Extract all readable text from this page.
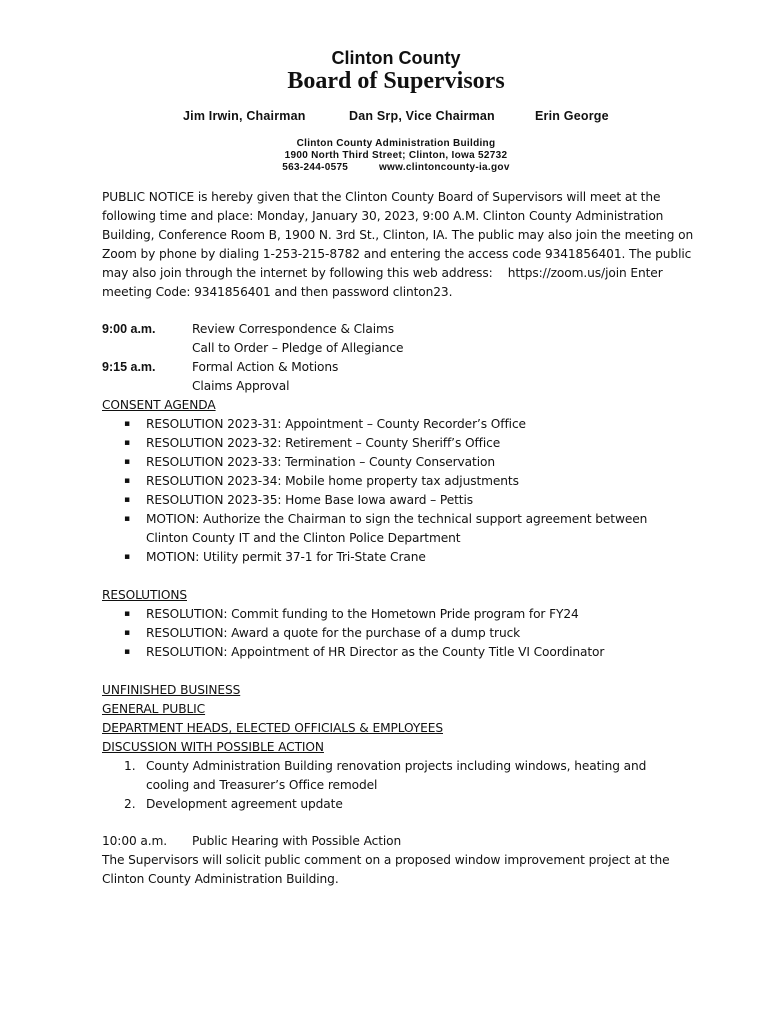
Clinton County
Board of Supervisors
Jim Irwin, Chairman	Dan Srp, Vice Chairman	Erin George
Clinton County Administration Building
1900 North Third Street; Clinton, Iowa 52732
563-244-0575          www.clintoncounty-ia.gov
PUBLIC NOTICE is hereby given that the Clinton County Board of Supervisors will meet at the
following time and place: Monday, January 30, 2023, 9:00 A.M. Clinton County Administration
Building, Conference Room B, 1900 N. 3rd St., Clinton, IA. The public may also join the meeting on
Zoom by phone by dialing 1-253-215-8782 and entering the access code 9341856401. The public
may also join through the internet by following this web address:    https://zoom.us/join Enter
meeting Code: 9341856401 and then password clinton23.
9:00 a.m.	Review Correspondence & Claims
Call to Order – Pledge of Allegiance
9:15 a.m.	Formal Action & Motions
Claims Approval
CONSENT AGENDA
▪ RESOLUTION 2023-31: Appointment – County Recorder’s Office
▪ RESOLUTION 2023-32: Retirement – County Sheriff’s Office
▪ RESOLUTION 2023-33: Termination – County Conservation
▪ RESOLUTION 2023-34: Mobile home property tax adjustments
▪ RESOLUTION 2023-35: Home Base Iowa award – Pettis
▪ MOTION: Authorize the Chairman to sign the technical support agreement between
Clinton County IT and the Clinton Police Department
▪ MOTION: Utility permit 37-1 for Tri-State Crane
RESOLUTIONS
▪ RESOLUTION: Commit funding to the Hometown Pride program for FY24
▪ RESOLUTION: Award a quote for the purchase of a dump truck
▪ RESOLUTION: Appointment of HR Director as the County Title VI Coordinator
UNFINISHED BUSINESS
GENERAL PUBLIC
DEPARTMENT HEADS, ELECTED OFFICIALS & EMPLOYEES
DISCUSSION WITH POSSIBLE ACTION
1. County Administration Building renovation projects including windows, heating and
cooling and Treasurer’s Office remodel
2. Development agreement update
10:00 a.m. Public Hearing with Possible Action
The Supervisors will solicit public comment on a proposed window improvement project at the
Clinton County Administration Building.
